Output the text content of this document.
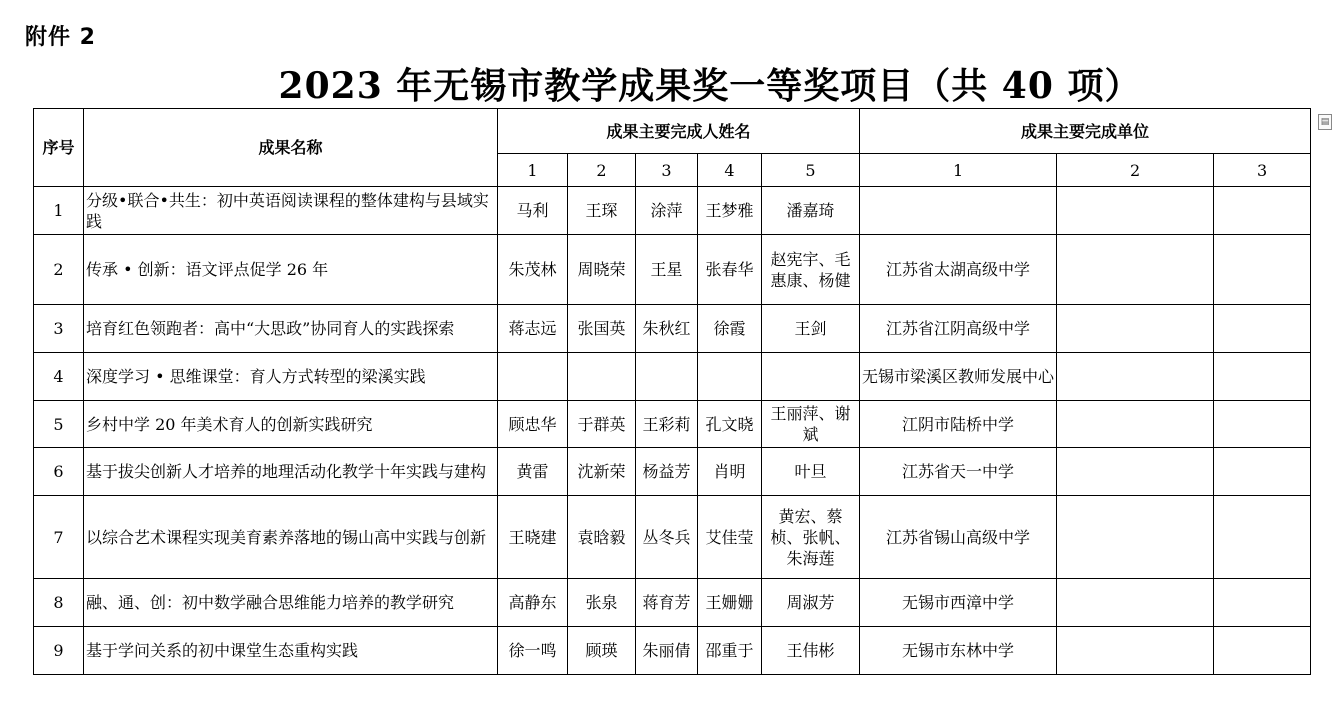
附件 2
2023 年无锡市教学成果奖一等奖项目（共 40 项）
▤
序号	成果名称	成果主要完成人姓名					成果主要完成单位		
		1	2	3	4	5	1	2	3
1	分级•联合•共生：初中英语阅读课程的整体建构与县域实践	马利	王琛	涂萍	王梦雅	潘嘉琦			
2	传承 • 创新：语文评点促学 26 年	朱茂林	周晓荣	王星	张春华	赵宪宇、毛惠康、杨健	江苏省太湖高级中学		
3	培育红色领跑者：高中“大思政”协同育人的实践探索	蒋志远	张国英	朱秋红	徐霞	王剑	江苏省江阴高级中学		
4	深度学习 • 思维课堂：育人方式转型的梁溪实践						无锡市梁溪区教师发展中心		
5	乡村中学 20 年美术育人的创新实践研究	顾忠华	于群英	王彩莉	孔文晓	王丽萍、谢斌	江阴市陆桥中学		
6	基于拔尖创新人才培养的地理活动化教学十年实践与建构	黄雷	沈新荣	杨益芳	肖明	叶旦	江苏省天一中学		
7	以综合艺术课程实现美育素养落地的锡山高中实践与创新	王晓建	袁晗毅	丛冬兵	艾佳莹	黄宏、蔡桢、张帆、朱海莲	江苏省锡山高级中学		
8	融、通、创：初中数学融合思维能力培养的教学研究	高静东	张泉	蒋育芳	王姗姗	周淑芳	无锡市西漳中学		
9	基于学问关系的初中课堂生态重构实践	徐一鸣	顾瑛	朱丽倩	邵重于	王伟彬	无锡市东林中学		
